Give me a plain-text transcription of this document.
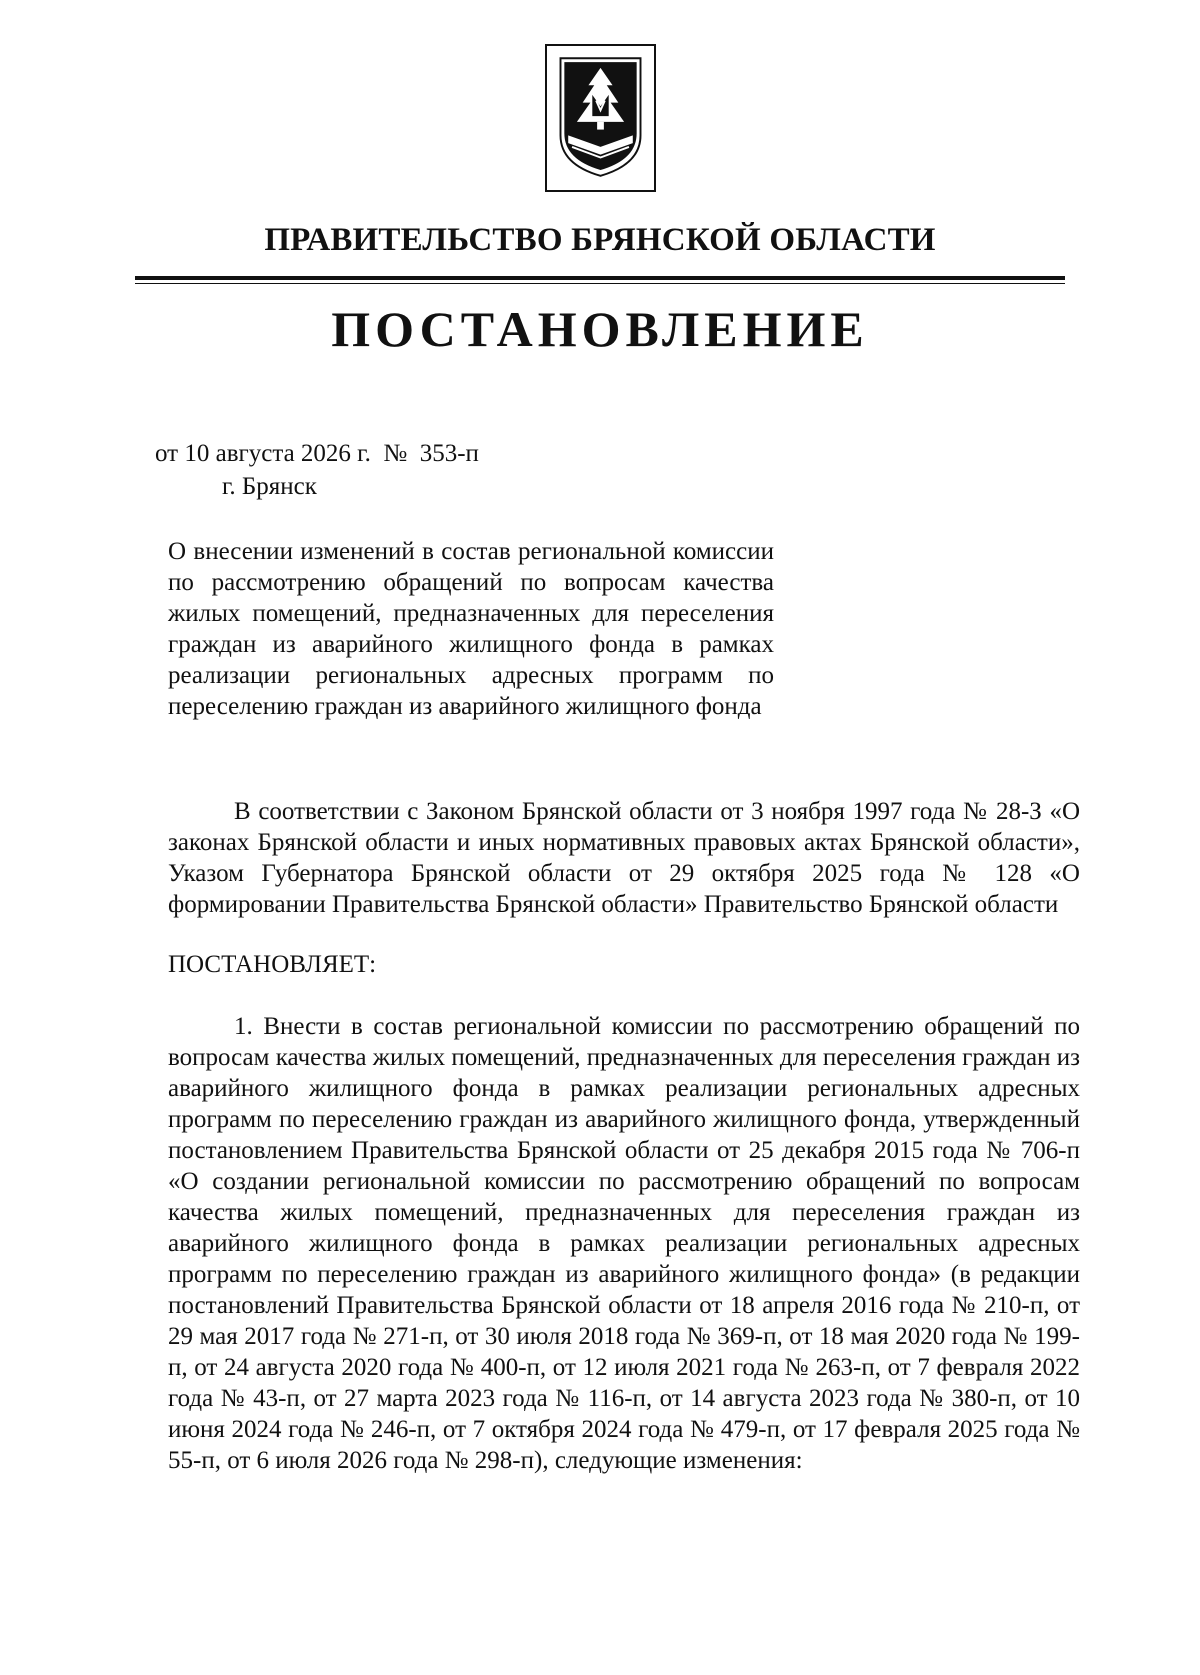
ПРАВИТЕЛЬСТВО БРЯНСКОЙ ОБЛАСТИ
ПОСТАНОВЛЕНИЕ
от 10 августа 2026 г.  №  353-п
г. Брянск
О внесении изменений в состав региональной комиссии по рассмотрению обращений по вопросам качества жилых помещений, предназначенных для переселения граждан из аварийного жилищного фонда в рамках реализации региональных адресных программ по переселению граждан из аварийного жилищного фонда
В соответствии с Законом Брянской области от 3 ноября 1997 года № 28-З «О законах Брянской области и иных нормативных правовых актах Брянской области», Указом Губернатора Брянской области от 29 октября 2025 года № 128 «О формировании Правительства Брянской области» Правительство Брянской области
ПОСТАНОВЛЯЕТ:
1. Внести в состав региональной комиссии по рассмотрению обращений по вопросам качества жилых помещений, предназначенных для переселения граждан из аварийного жилищного фонда в рамках реализации региональных адресных программ по переселению граждан из аварийного жилищного фонда, утвержденный постановлением Правительства Брянской области от 25 декабря 2015 года № 706-п «О создании региональной комиссии по рассмотрению обращений по вопросам качества жилых помещений, предназначенных для переселения граждан из аварийного жилищного фонда в рамках реализации региональных адресных программ по переселению граждан из аварийного жилищного фонда» (в редакции постановлений Правительства Брянской области от 18 апреля 2016 года № 210-п, от 29 мая 2017 года № 271-п, от 30 июля 2018 года № 369-п, от 18 мая 2020 года № 199-п, от 24 августа 2020 года № 400-п, от 12 июля 2021 года № 263-п, от 7 февраля 2022 года № 43-п, от 27 марта 2023 года № 116-п, от 14 августа 2023 года № 380-п, от 10 июня 2024 года № 246-п, от 7 октября 2024 года № 479-п, от 17 февраля 2025 года № 55-п, от 6 июля 2026 года № 298-п), следующие изменения:
